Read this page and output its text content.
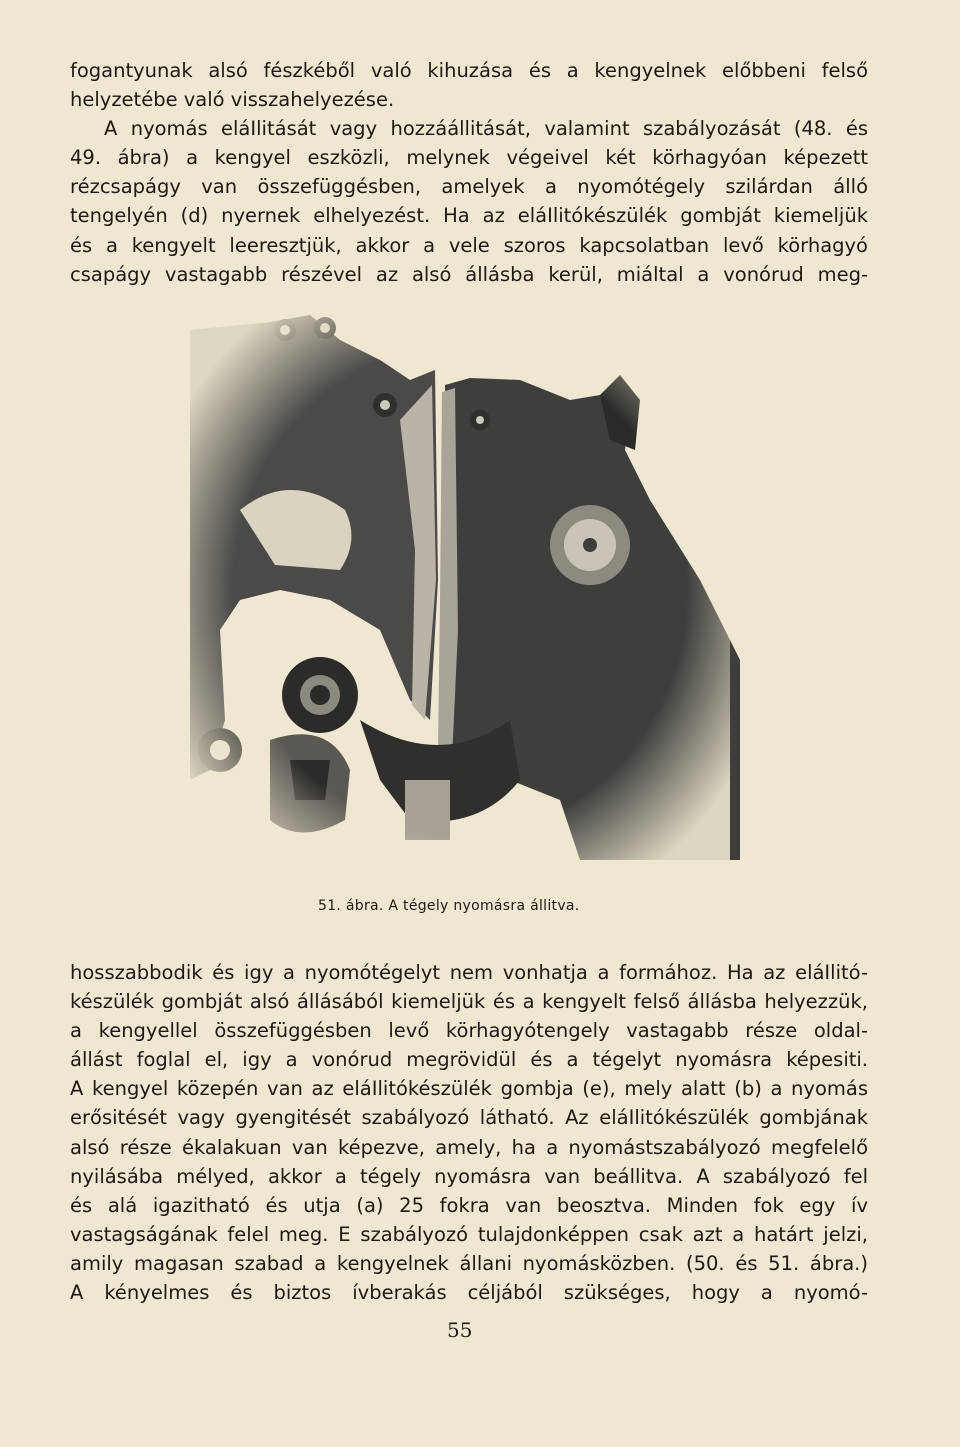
fogantyunak alsó fészkéből való kihuzása és a kengyelnek előbbeni felső
helyzetébe való visszahelyezése.
A nyomás eláIlitását vagy hozzáállitását, valamint szabályozását (48. és
49. ábra) a kengyel eszközli, melynek végeivel két körhagyóan képezett
rézcsapágy van összefüggésben, amelyek a nyomótégely szilárdan álló
tengelyén (d) nyernek elhelyezést. Ha az eláIlitókészülék gombját kiemeljük
és a kengyelt leeresztjük, akkor a vele szoros kapcsolatban levő körhagyó
csapágy vastagabb részével az alsó állásba kerül, miáltal a vonórud meg-
51. ábra. A tégely nyomásra állitva.
hosszabbodik és igy a nyomótégelyt nem vonhatja a formához. Ha az eláIlitó-
készülék gombját alsó állásából kiemeljük és a kengyelt felső állásba helyezzük,
a kengyellel összefüggésben levő körhagyótengely vastagabb része oldal-
állást foglal el, igy a vonórud megrövidül és a tégelyt nyomásra képesiti.
A kengyel közepén van az eláIlitókészülék gombja (e), mely alatt (b) a nyomás
erősitését vagy gyengitését szabályozó látható. Az eláIlitókészülék gombjának
alsó része ékalakuan van képezve, amely, ha a nyomástszabályozó megfelelő
nyilásába mélyed, akkor a tégely nyomásra van beállitva. A szabályozó fel
és alá igazitható és utja (a) 25 fokra van beosztva. Minden fok egy ív
vastagságának felel meg. E szabályozó tulajdonképpen csak azt a határt jelzi,
amily magasan szabad a kengyelnek állani nyomásközben. (50. és 51. ábra.)
A kényelmes és biztos ívberakás céljából szükséges, hogy a nyomó-
55
